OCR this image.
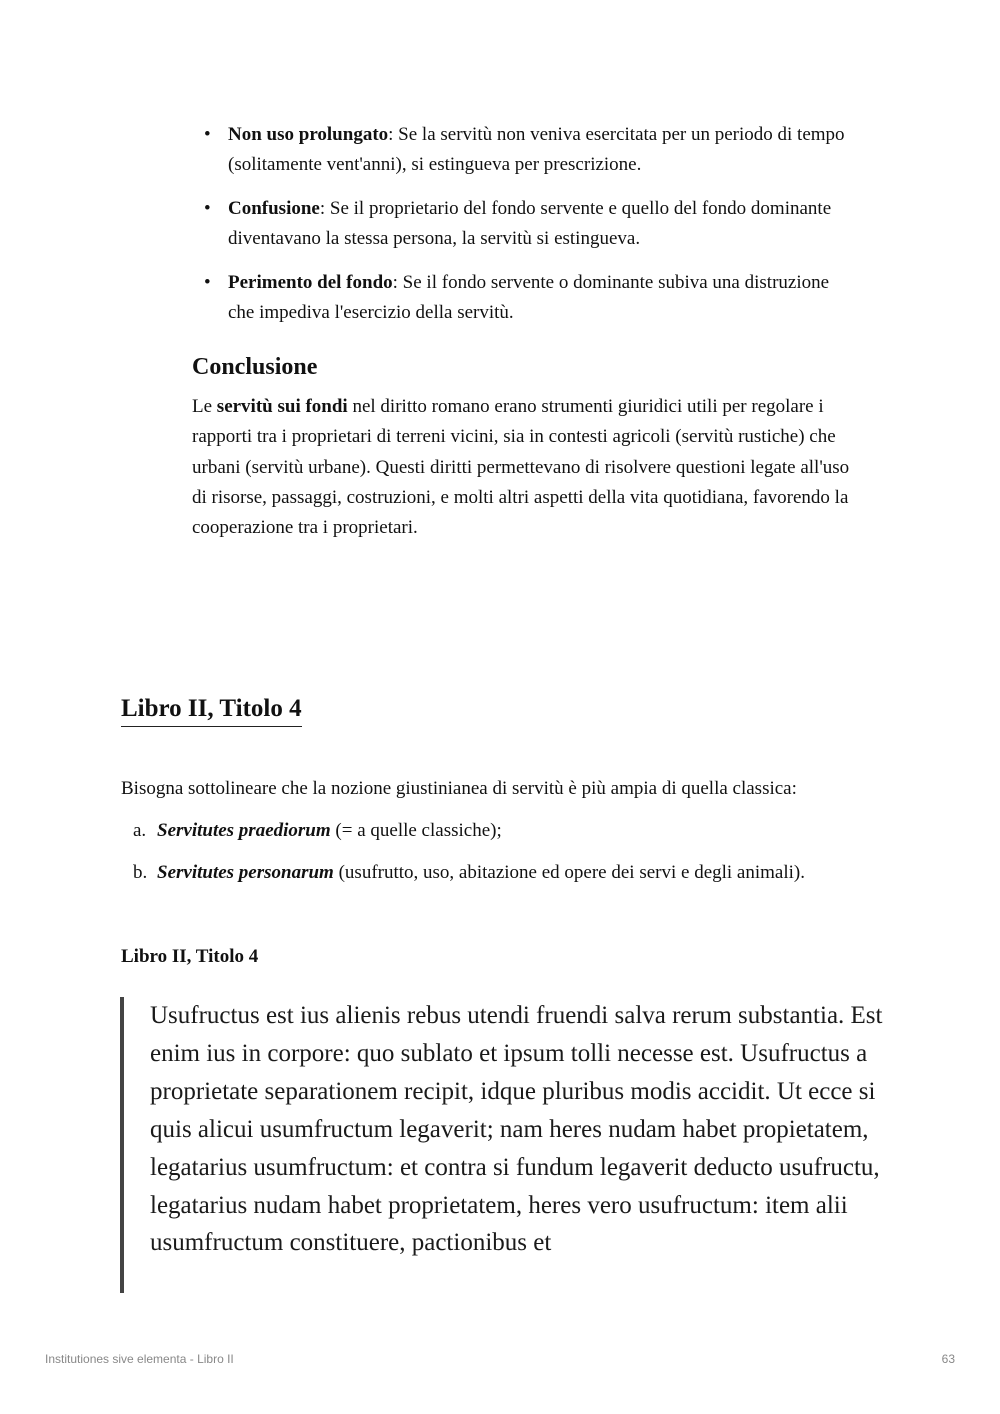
• Non uso prolungato: Se la servitù non veniva esercitata per un periodo di tempo (solitamente vent'anni), si estingueva per prescrizione.
• Confusione: Se il proprietario del fondo servente e quello del fondo dominante diventavano la stessa persona, la servitù si estingueva.
• Perimento del fondo: Se il fondo servente o dominante subiva una distruzione che impediva l'esercizio della servitù.
Conclusione

Le servitù sui fondi nel diritto romano erano strumenti giuridici utili per regolare i rapporti tra i proprietari di terreni vicini, sia in contesti agricoli (servitù rustiche) che urbani (servitù urbane). Questi diritti permettevano di risolvere questioni legate all'uso di risorse, passaggi, costruzioni, e molti altri aspetti della vita quotidiana, favorendo la cooperazione tra i proprietari.

Libro II, Titolo 4

Bisogna sottolineare che la nozione giustinianea di servitù è più ampia di quella classica:

a. Servitutes praediorum (= a quelle classiche);
b. Servitutes personarum (usufrutto, uso, abitazione ed opere dei servi e degli animali).
Libro II, Titolo 4

Usufructus est ius alienis rebus utendi fruendi salva rerum substantia. Est enim ius in corpore: quo sublato et ipsum tolli necesse est. Usufructus a proprietate separationem recipit, idque pluribus modis accidit. Ut ecce si quis alicui usumfructum legaverit; nam heres nudam habet propietatem, legatarius usumfructum: et contra si fundum legaverit deducto usufructu, legatarius nudam habet proprietatem, heres vero usufructum: item alii usumfructum constituere, pactionibus et

Institutiones sive elementa - Libro II	63
